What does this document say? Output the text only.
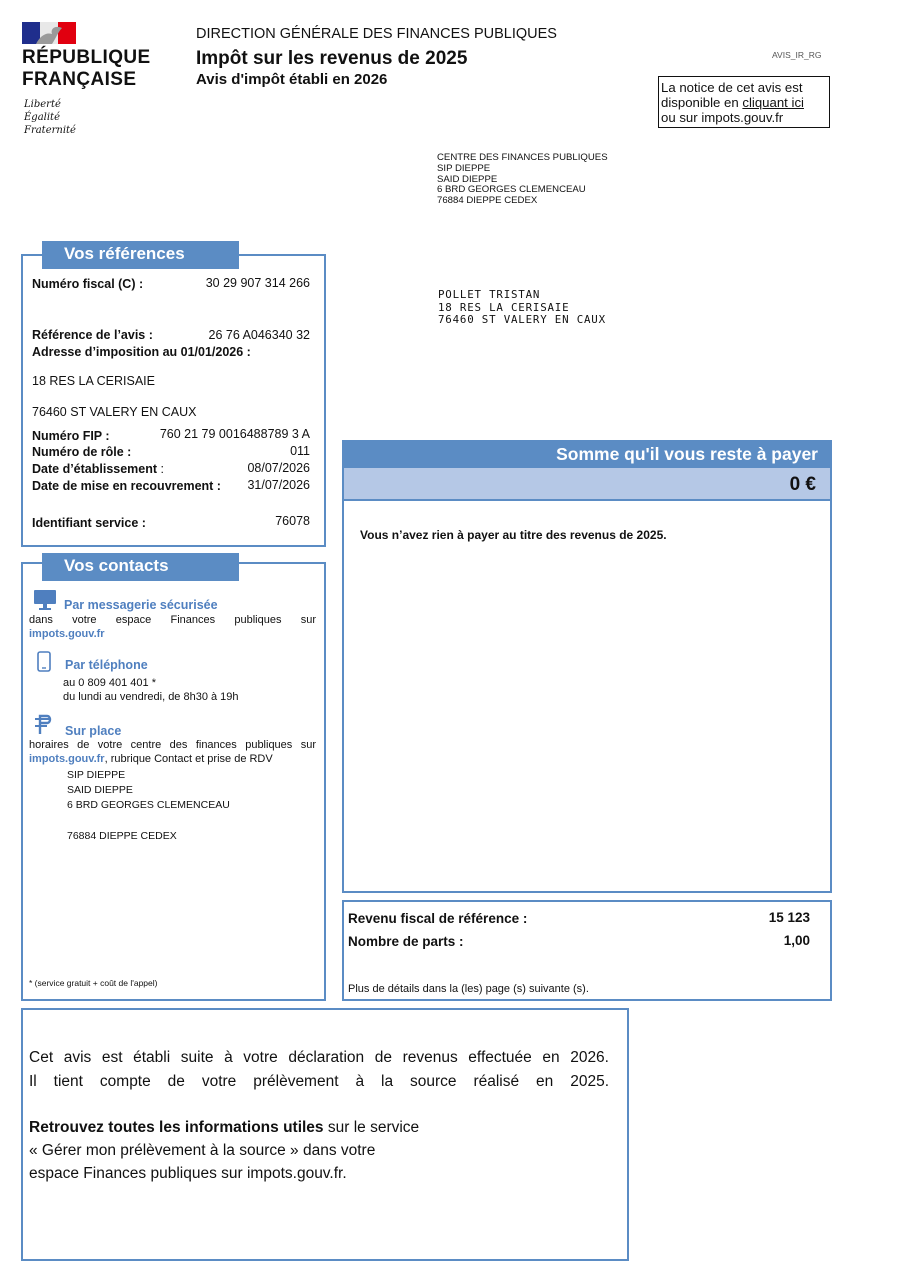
RÉPUBLIQUE
FRANÇAISE
Liberté
Égalité
Fraternité
DIRECTION GÉNÉRALE DES FINANCES PUBLIQUES
Impôt sur les revenus de 2025
Avis d'impôt établi en 2026
AVIS_IR_RG
La notice de cet avis est
disponible en cliquant ici
ou sur impots.gouv.fr
CENTRE DES FINANCES PUBLIQUES
SIP DIEPPE
SAID DIEPPE
6 BRD GEORGES CLEMENCEAU
76884 DIEPPE CEDEX
POLLET TRISTAN
18 RES LA CERISAIE
76460 ST VALERY EN CAUX
Vos références
Numéro fiscal (C) :	30 29 907 314 266
Référence de l’avis :	26 76 A046340 32
Adresse d’imposition au 01/01/2026 :
18 RES LA CERISAIE
76460 ST VALERY EN CAUX
Numéro FIP :	760 21 79 0016488789 3 A
Numéro de rôle :	011
Date d’établissement :	08/07/2026
Date de mise en recouvrement : 31/07/2026
Identifiant service :	76078
Vos contacts
Par messagerie sécurisée
dans votre espace Finances publiques sur
impots.gouv.fr
Par téléphone
au 0 809 401 401 *
du lundi au vendredi, de 8h30 à 19h
Sur place
horaires de votre centre des finances publiques sur
impots.gouv.fr, rubrique Contact et prise de RDV
SIP DIEPPE
SAID DIEPPE
6 BRD GEORGES CLEMENCEAU
76884 DIEPPE CEDEX
* (service gratuit + coût de l'appel)
Somme qu'il vous reste à payer
0 €
Vous n’avez rien à payer au titre des revenus de 2025.
Revenu fiscal de référence :	15 123
Nombre de parts :	1,00
Plus de détails dans la (les) page (s) suivante (s).
Cet avis est établi suite à votre déclaration de revenus effectuée en 2026.
Il tient compte de votre prélèvement à la source réalisé en 2025.
Retrouvez toutes les informations utiles sur le service
« Gérer mon prélèvement à la source » dans votre
espace Finances publiques sur impots.gouv.fr.
